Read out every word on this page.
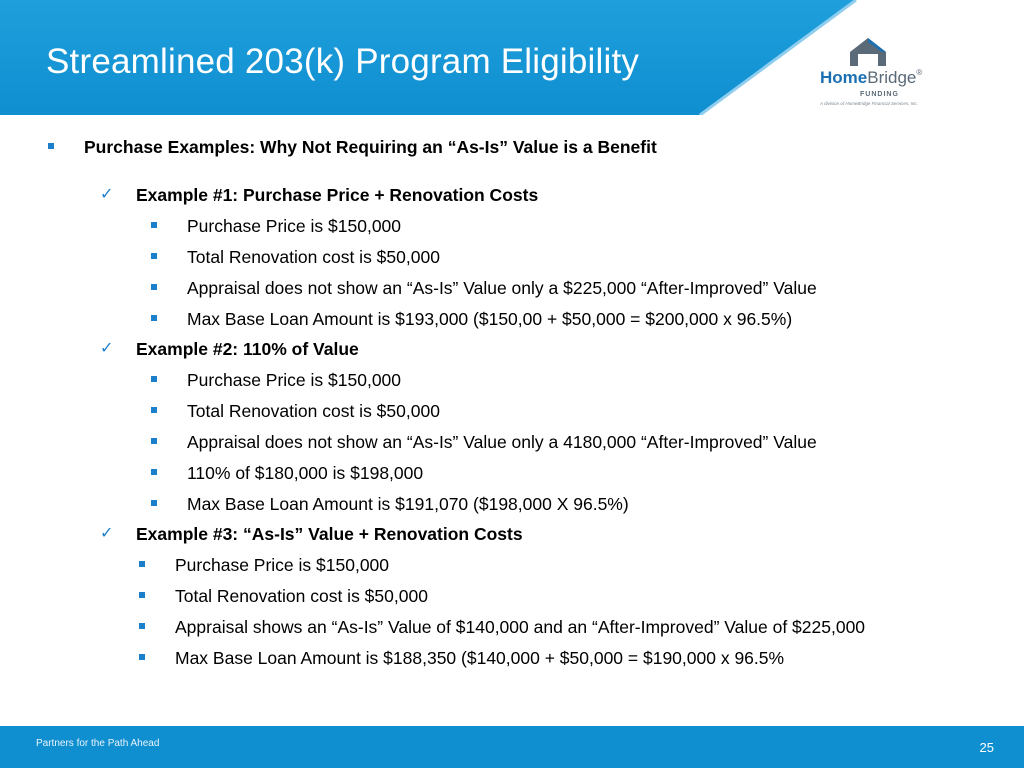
Streamlined 203(k) Program Eligibility	HomeBridge®
FUNDING
A division of HomeBridge Financial Services, Inc.
Purchase Examples: Why Not Requiring an “As-Is” Value is a Benefit
✓ Example #1: Purchase Price + Renovation Costs
Purchase Price is $150,000
Total Renovation cost is $50,000
Appraisal does not show an “As-Is” Value only a $225,000 “After-Improved” Value
Max Base Loan Amount is $193,000 ($150,00 + $50,000 = $200,000 x 96.5%)
✓ Example #2: 110% of Value
Purchase Price is $150,000
Total Renovation cost is $50,000
Appraisal does not show an “As-Is” Value only a 4180,000 “After-Improved” Value
110% of $180,000 is $198,000
Max Base Loan Amount is $191,070 ($198,000 X 96.5%)
✓ Example #3: “As-Is” Value + Renovation Costs
Purchase Price is $150,000
Total Renovation cost is $50,000
Appraisal shows an “As-Is” Value of $140,000 and an “After-Improved” Value of $225,000
Max Base Loan Amount is $188,350 ($140,000 + $50,000 = $190,000 x 96.5%
Partners for the Path Ahead	25
